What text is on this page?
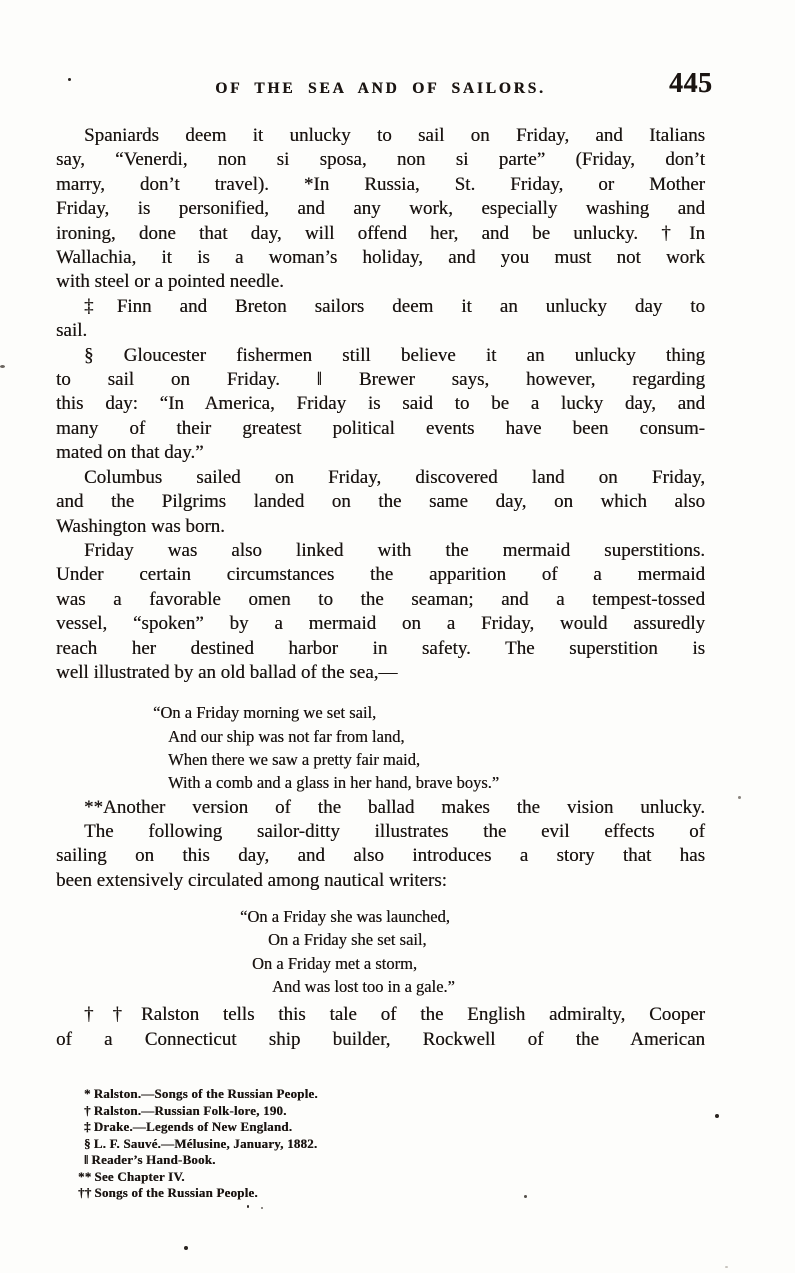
OF THE SEA AND OF SAILORS.	445
Spaniards deem it unlucky to sail on Friday, and Italians
say, “Venerdi, non si sposa, non si parte” (Friday, don’t
marry, don’t travel). *In Russia, St. Friday, or Mother
Friday, is personified, and any work, especially washing and
ironing, done that day, will offend her, and be unlucky. †In
Wallachia, it is a woman’s holiday, and you must not work
with steel or a pointed needle.
‡Finn and Breton sailors deem it an unlucky day to
sail.
§ Gloucester fishermen still believe it an unlucky thing
to sail on Friday. ‖ Brewer says, however, regarding
this day: “In America, Friday is said to be a lucky day, and
many of their greatest political events have been consum-
mated on that day.”
Columbus sailed on Friday, discovered land on Friday,
and the Pilgrims landed on the same day, on which also
Washington was born.
Friday was also linked with the mermaid superstitions.
Under certain circumstances the apparition of a mermaid
was a favorable omen to the seaman; and a tempest-tossed
vessel, “spoken” by a mermaid on a Friday, would assuredly
reach her destined harbor in safety. The superstition is
well illustrated by an old ballad of the sea,—
“On a Friday morning we set sail,
And our ship was not far from land,
When there we saw a pretty fair maid,
With a comb and a glass in her hand, brave boys.”
**Another version of the ballad makes the vision unlucky.
The following sailor-ditty illustrates the evil effects of
sailing on this day, and also introduces a story that has
been extensively circulated among nautical writers:
“On a Friday she was launched,
On a Friday she set sail,
On a Friday met a storm,
And was lost too in a gale.”
††Ralston tells this tale of the English admiralty, Cooper
of a Connecticut ship builder, Rockwell of the American
* Ralston.—Songs of the Russian People.
† Ralston.—Russian Folk-lore, 190.
‡ Drake.—Legends of New England.
§ L. F. Sauvé.—Mélusine, January, 1882.
‖ Reader’s Hand-Book.
** See Chapter IV.
†† Songs of the Russian People.
